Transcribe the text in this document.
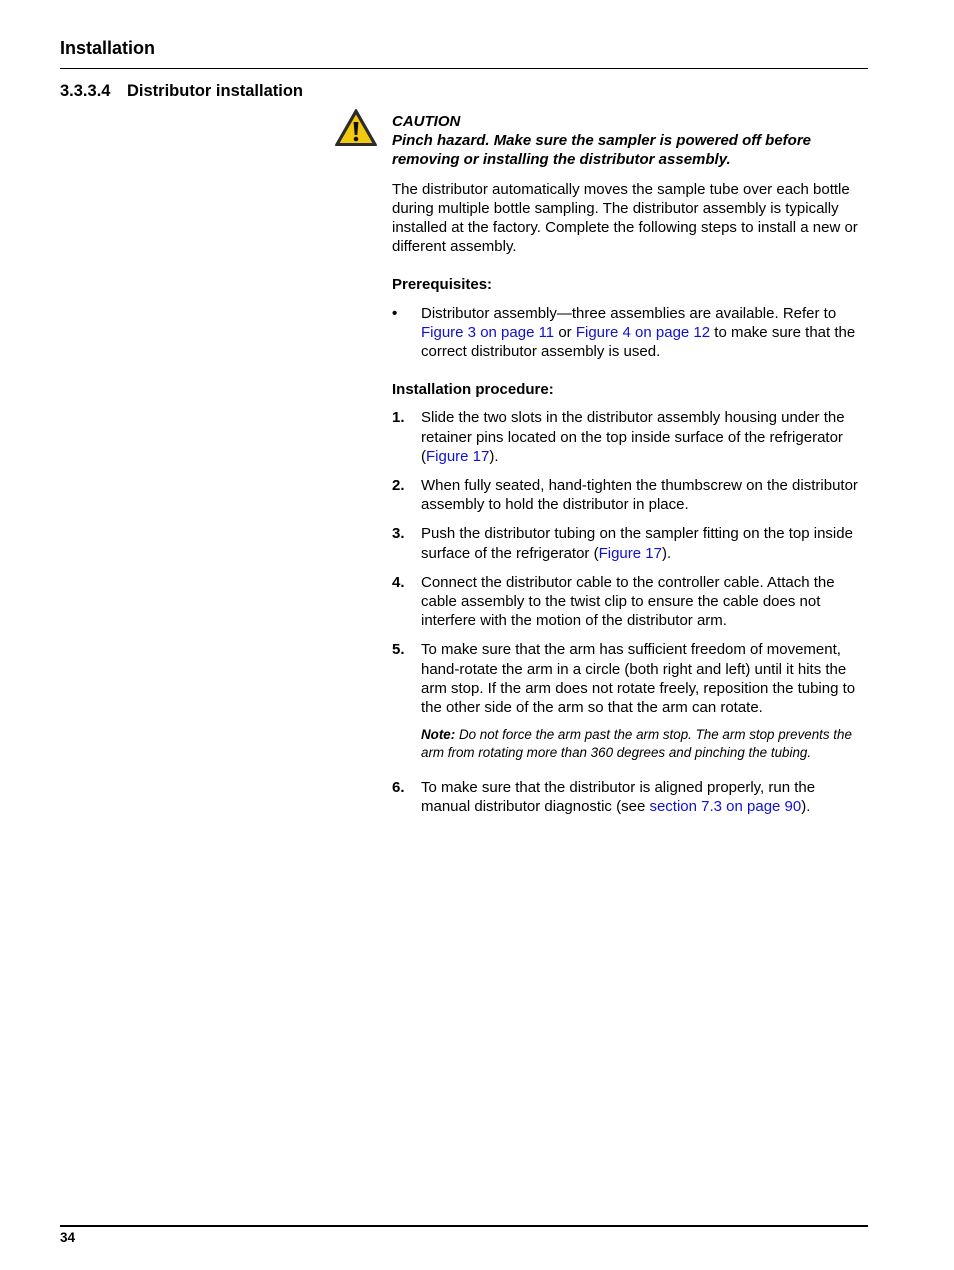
Installation
3.3.3.4 Distributor installation
CAUTION
Pinch hazard. Make sure the sampler is powered off before removing or installing the distributor assembly.

The distributor automatically moves the sample tube over each bottle during multiple bottle sampling. The distributor assembly is typically installed at the factory. Complete the following steps to install a new or different assembly.

Prerequisites:
• Distributor assembly—three assemblies are available. Refer to Figure 3 on page 11 or Figure 4 on page 12 to make sure that the correct distributor assembly is used.
Installation procedure:
1. Slide the two slots in the distributor assembly housing under the retainer pins located on the top inside surface of the refrigerator (Figure 17).
2. When fully seated, hand-tighten the thumbscrew on the distributor assembly to hold the distributor in place.
3. Push the distributor tubing on the sampler fitting on the top inside surface of the refrigerator (Figure 17).
4. Connect the distributor cable to the controller cable. Attach the cable assembly to the twist clip to ensure the cable does not interfere with the motion of the distributor arm.
5. To make sure that the arm has sufficient freedom of movement, hand-rotate the arm in a circle (both right and left) until it hits the arm stop. If the arm does not rotate freely, reposition the tubing to the other side of the arm so that the arm can rotate.
Note: Do not force the arm past the arm stop. The arm stop prevents the arm from rotating more than 360 degrees and pinching the tubing.
6. To make sure that the distributor is aligned properly, run the manual distributor diagnostic (see section 7.3 on page 90).
34
